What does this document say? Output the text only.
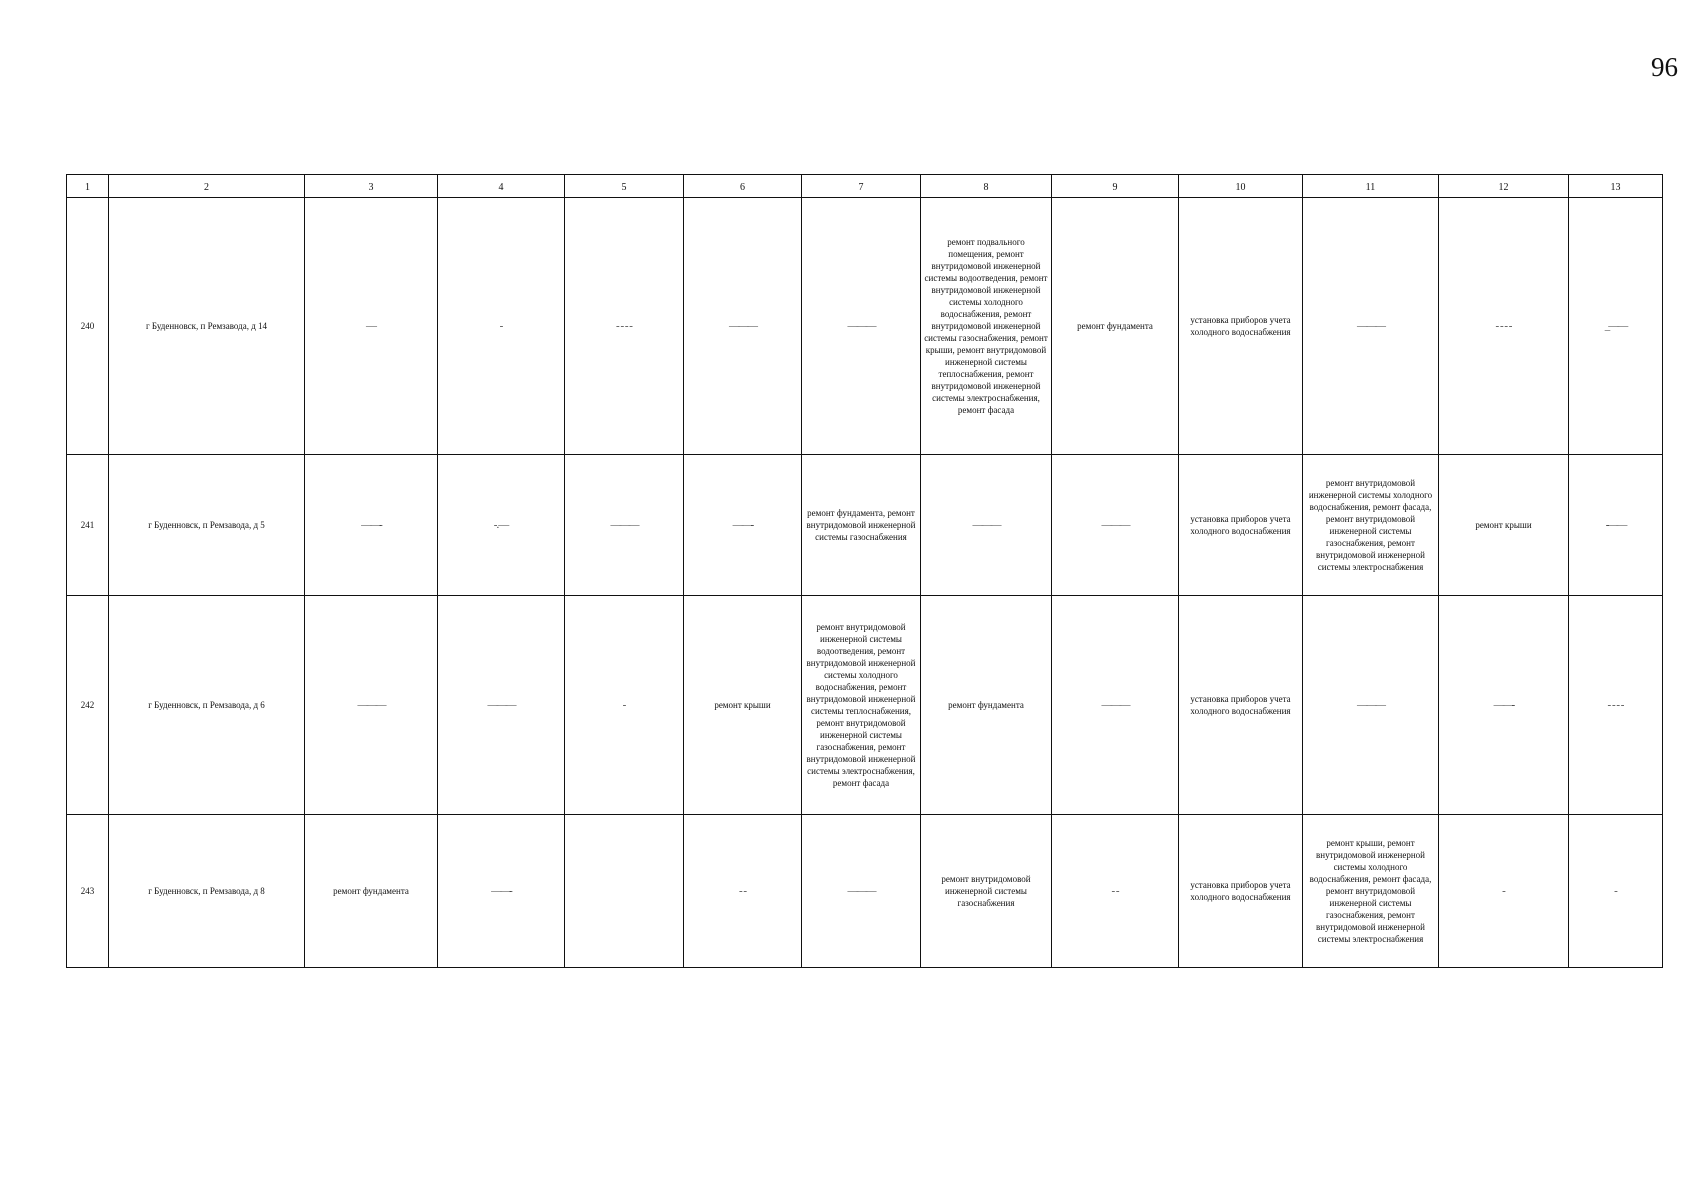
96
1	2	3	4	5	6	7	8	9	10	11	12	13
240	г Буденновск, п Ремзавода, д 14	—	-	- - - -	———	———	ремонт подвального помещения, ремонт внутридомовой инженерной системы водоотведения, ремонт внутридомовой инженерной системы холодного водоснабжения, ремонт внутридомовой инженерной системы газоснабжения, ремонт крыши, ремонт внутридомовой инженерной системы теплоснабжения, ремонт внутридомовой инженерной системы электроснабжения, ремонт фасада	ремонт фундамента	установка приборов учета холодного водоснабжения	———	- - - -	_——
241	г Буденновск, п Ремзавода, д 5	——-	-.—	———	——-	ремонт фундамента, ремонт внутридомовой инженерной системы газоснабжения	———	———	установка приборов учета холодного водоснабжения	ремонт внутридомовой инженерной системы холодного водоснабжения, ремонт фасада, ремонт внутридомовой инженерной системы газоснабжения, ремонт внутридомовой инженерной системы электроснабжения	ремонт крыши	-——
242	г Буденновск, п Ремзавода, д 6	———	———	-	ремонт крыши	ремонт внутридомовой инженерной системы водоотведения, ремонт внутридомовой инженерной системы холодного водоснабжения, ремонт внутридомовой инженерной системы теплоснабжения, ремонт внутридомовой инженерной системы газоснабжения, ремонт внутридомовой инженерной системы электроснабжения, ремонт фасада	ремонт фундамента	———	установка приборов учета холодного водоснабжения	———	——-	- - - -
243	г Буденновск, п Ремзавода, д 8	ремонт фундамента	——-		- -	———	ремонт внутридомовой инженерной системы газоснабжения	- -	установка приборов учета холодного водоснабжения	ремонт крыши, ремонт внутридомовой инженерной системы холодного водоснабжения, ремонт фасада, ремонт внутридомовой инженерной системы газоснабжения, ремонт внутридомовой инженерной системы электроснабжения	-	-
